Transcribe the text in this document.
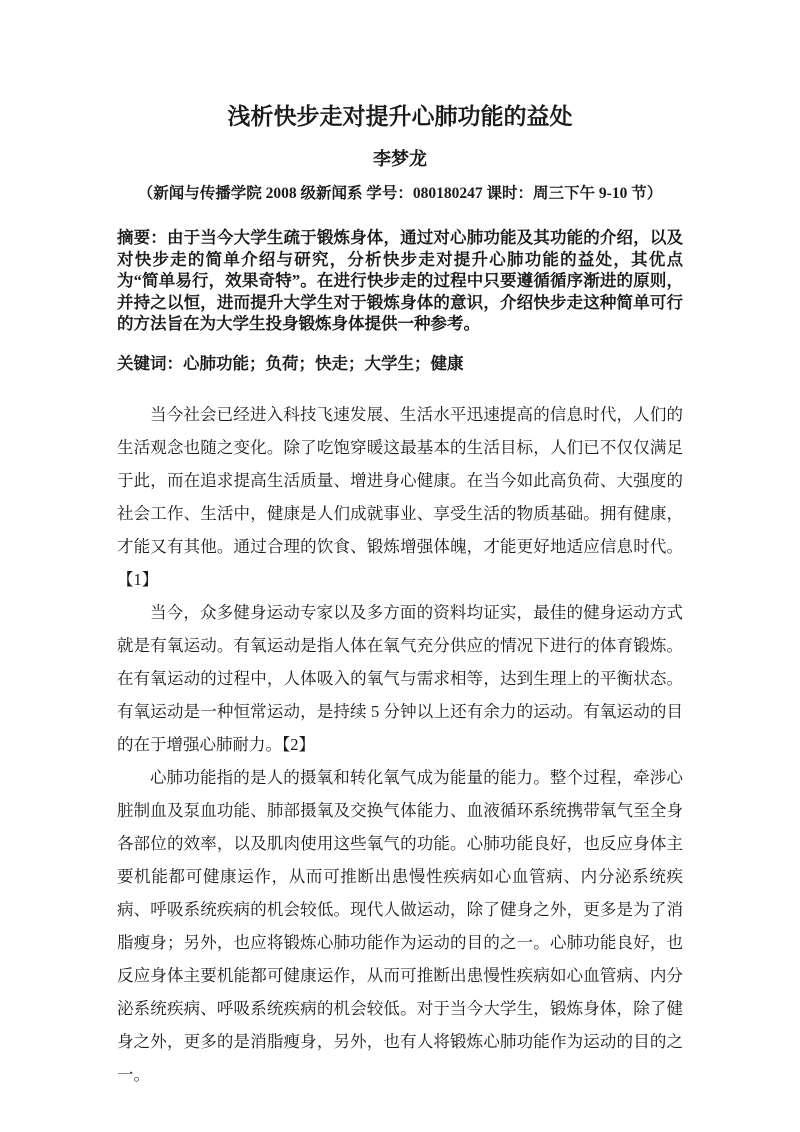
浅析快步走对提升心肺功能的益处
李梦龙
（新闻与传播学院 2008 级新闻系 学号：080180247 课时：周三下午 9-10 节）

摘要：由于当今大学生疏于锻炼身体，通过对心肺功能及其功能的介绍，以及对快步走的简单介绍与研究，分析快步走对提升心肺功能的益处，其优点为“简单易行，效果奇特”。在进行快步走的过程中只要遵循循序渐进的原则，并持之以恒，进而提升大学生对于锻炼身体的意识，介绍快步走这种简单可行的方法旨在为大学生投身锻炼身体提供一种参考。

关键词：心肺功能；负荷；快走；大学生；健康

当今社会已经进入科技飞速发展、生活水平迅速提高的信息时代，人们的生活观念也随之变化。除了吃饱穿暖这最基本的生活目标，人们已不仅仅满足于此，而在追求提高生活质量、增进身心健康。在当今如此高负荷、大强度的社会工作、生活中，健康是人们成就事业、享受生活的物质基础。拥有健康，才能又有其他。通过合理的饮食、锻炼增强体魄，才能更好地适应信息时代。【1】

当今，众多健身运动专家以及多方面的资料均证实，最佳的健身运动方式就是有氧运动。有氧运动是指人体在氧气充分供应的情况下进行的体育锻炼。在有氧运动的过程中，人体吸入的氧气与需求相等，达到生理上的平衡状态。有氧运动是一种恒常运动，是持续 5 分钟以上还有余力的运动。有氧运动的目的在于增强心肺耐力。【2】

心肺功能指的是人的摄氧和转化氧气成为能量的能力。整个过程，牵涉心脏制血及泵血功能、肺部摄氧及交换气体能力、血液循环系统携带氧气至全身各部位的效率，以及肌肉使用这些氧气的功能。心肺功能良好，也反应身体主要机能都可健康运作，从而可推断出患慢性疾病如心血管病、内分泌系统疾病、呼吸系统疾病的机会较低。现代人做运动，除了健身之外，更多是为了消脂瘦身；另外，也应将锻炼心肺功能作为运动的目的之一。心肺功能良好，也反应身体主要机能都可健康运作，从而可推断出患慢性疾病如心血管病、内分泌系统疾病、呼吸系统疾病的机会较低。对于当今大学生，锻炼身体，除了健身之外，更多的是消脂瘦身，另外，也有人将锻炼心肺功能作为运动的目的之一。
